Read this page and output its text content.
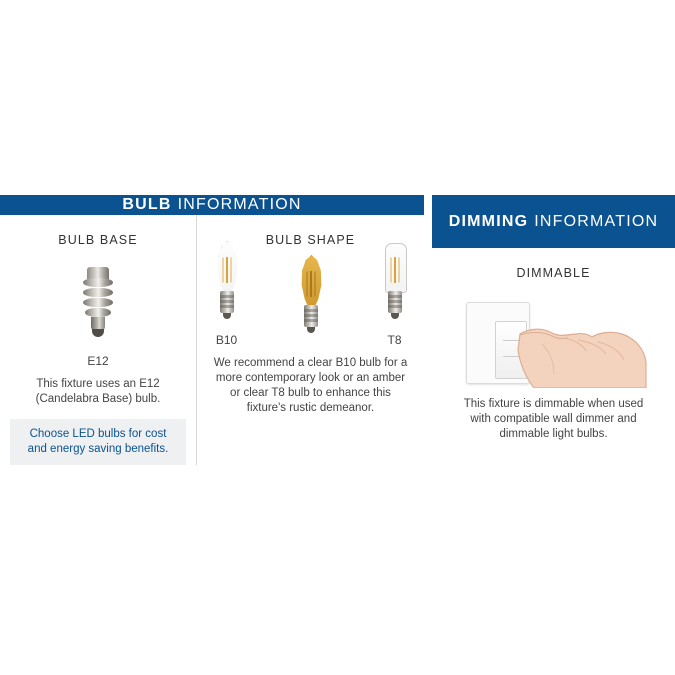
BULB INFORMATION
BULB BASE
E12
This fixture uses an E12 (Candelabra Base) bulb.
Choose LED bulbs for cost and energy saving benefits.
BULB SHAPE
B10	T8
We recommend a clear B10 bulb for a more contemporary look or an amber or clear T8 bulb to enhance this fixture's rustic demeanor.
DIMMING INFORMATION
DIMMABLE
This fixture is dimmable when used with compatible wall dimmer and dimmable light bulbs.
